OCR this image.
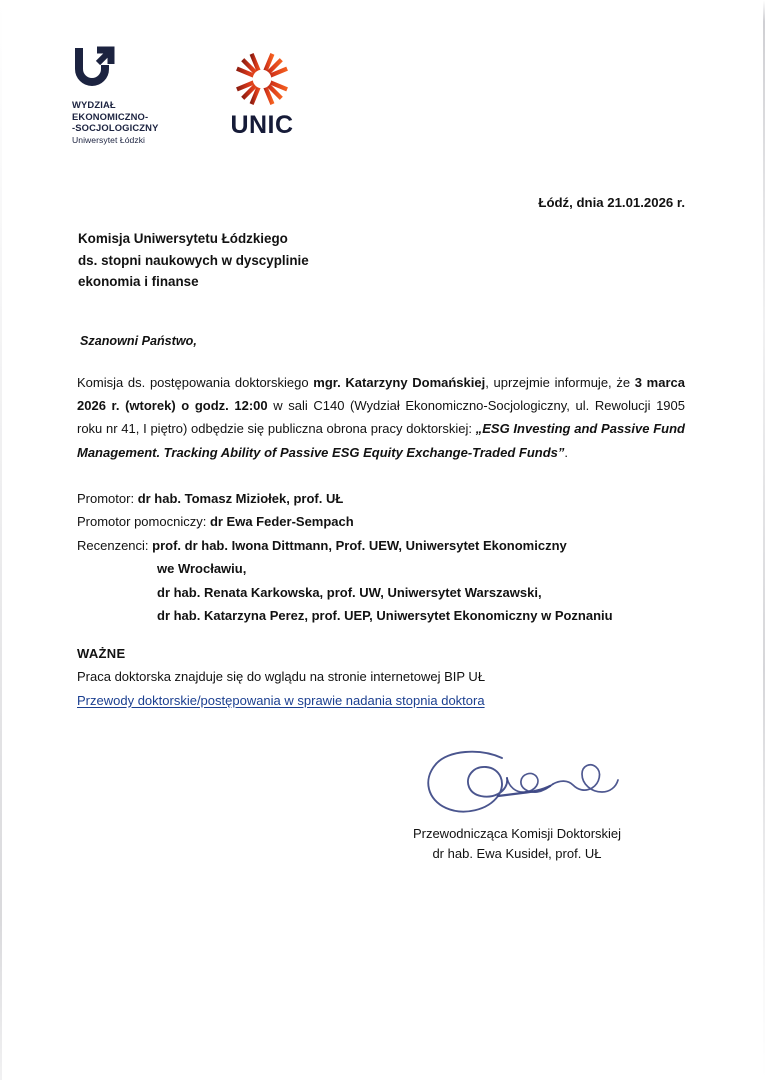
WYDZIAŁ
EKONOMICZNO-
-SOCJOLOGICZNY
Uniwersytet Łódzki
UNIC
Łódź, dnia 21.01.2026 r.
Komisja Uniwersytetu Łódzkiego
ds. stopni naukowych w dyscyplinie
ekonomia i finanse
Szanowni Państwo,
Komisja ds. postępowania doktorskiego mgr. Katarzyny Domańskiej, uprzejmie informuje, że 3 marca 2026 r. (wtorek) o godz. 12:00 w sali C140 (Wydział Ekonomiczno-Socjologiczny, ul. Rewolucji 1905 roku nr 41, I piętro) odbędzie się publiczna obrona pracy doktorskiej: „ESG Investing and Passive Fund Management. Tracking Ability of Passive ESG Equity Exchange-Traded Funds”.
Promotor: dr hab. Tomasz Miziołek, prof. UŁ
Promotor pomocniczy: dr Ewa Feder-Sempach
Recenzenci: prof. dr hab. Iwona Dittmann, Prof. UEW, Uniwersytet Ekonomiczny
we Wrocławiu,
dr hab. Renata Karkowska, prof. UW, Uniwersytet Warszawski,
dr hab. Katarzyna Perez, prof. UEP, Uniwersytet Ekonomiczny w Poznaniu
WAŻNE
Praca doktorska znajduje się do wglądu na stronie internetowej BIP UŁ
Przewody doktorskie/postępowania w sprawie nadania stopnia doktora
Przewodnicząca Komisji Doktorskiej
dr hab. Ewa Kusideł, prof. UŁ
